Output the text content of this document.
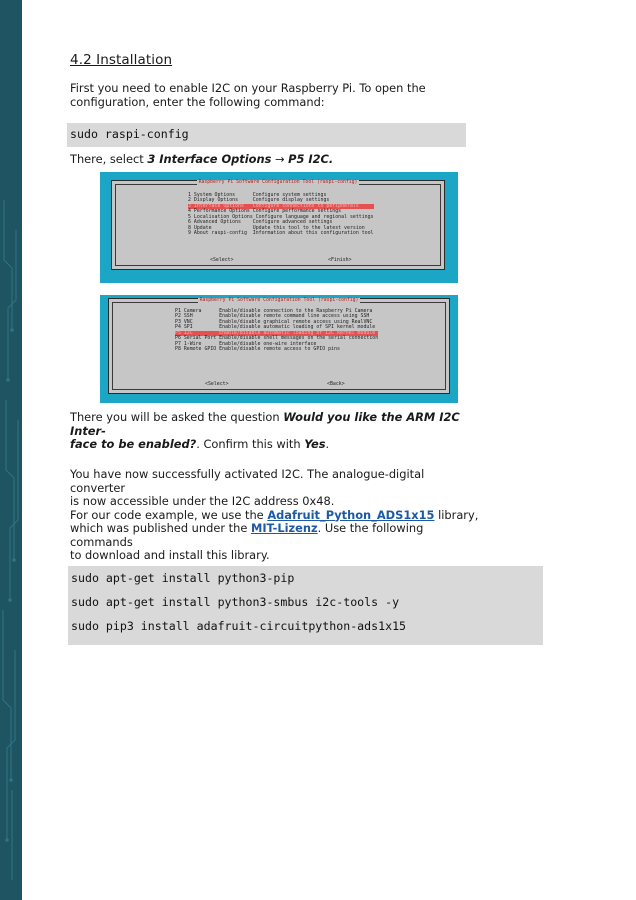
4.2 Installation
First you need to enable I2C on your Raspberry Pi. To open the
configuration, enter the following command:
sudo raspi-config
There, select 3 Interface Options → P5 I2C.
Raspberry Pi Software Configuration Tool (raspi-config)
1 System Options      Configure system settings
2 Display Options     Configure display settings
3 Interface Options   Configure connections to peripherals
4 Performance Options Configure performance settings
5 Localisation Options Configure language and regional settings
6 Advanced Options    Configure advanced settings
8 Update              Update this tool to the latest version
9 About raspi-config  Information about this configuration tool
<Select>	<Finish>
Raspberry Pi Software Configuration Tool (raspi-config)
P1 Camera      Enable/disable connection to the Raspberry Pi Camera
P2 SSH         Enable/disable remote command line access using SSH
P3 VNC         Enable/disable graphical remote access using RealVNC
P4 SPI         Enable/disable automatic loading of SPI kernel module
P5 I2C         Enable/disable automatic loading of I2C kernel module
P6 Serial Port Enable/disable shell messages on the serial connection
P7 1-Wire      Enable/disable one-wire interface
P8 Remote GPIO Enable/disable remote access to GPIO pins
<Select>	<Back>
There you will be asked the question Would you like the ARM I2C Inter-
face to be enabled?. Confirm this with Yes.
You have now successfully activated I2C. The analogue-digital converter
is now accessible under the I2C address 0x48.
For our code example, we use the Adafruit_Python_ADS1x15 library,
which was published under the MIT-Lizenz. Use the following commands
to download and install this library.
sudo apt-get install python3-pip
sudo apt-get install python3-smbus i2c-tools -y
sudo pip3 install adafruit-circuitpython-ads1x15
